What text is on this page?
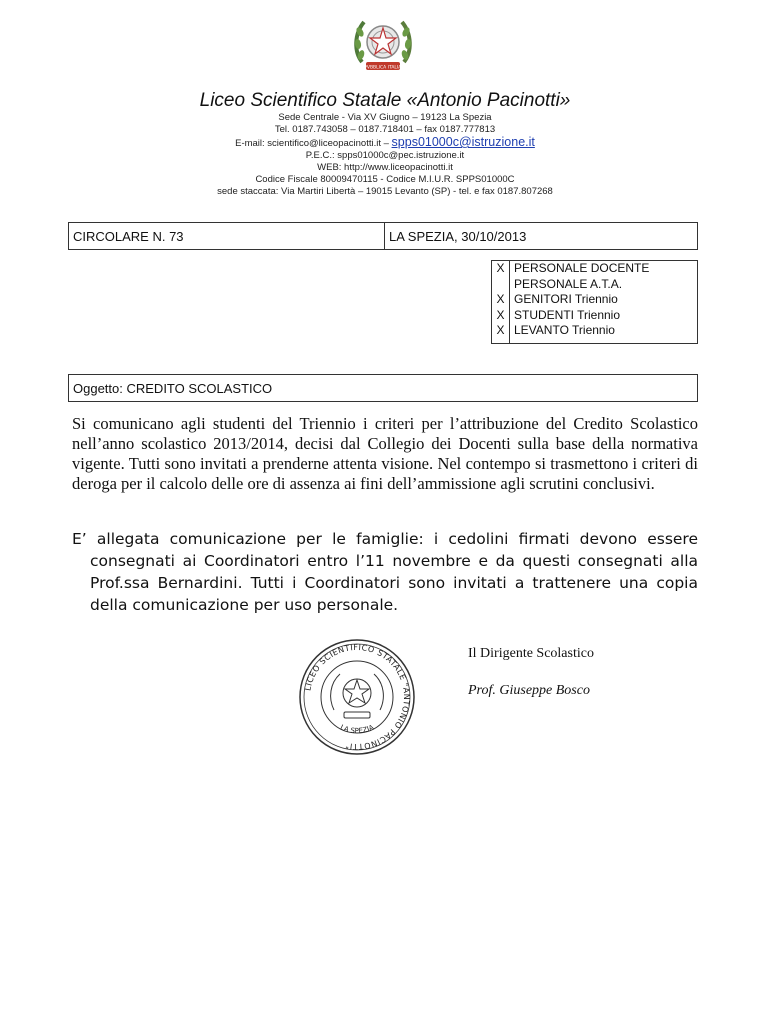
REPVBBLICA ITALIANA
Liceo Scientifico Statale «Antonio Pacinotti»
Sede Centrale - Via XV Giugno – 19123 La Spezia
Tel. 0187.743058 – 0187.718401 – fax 0187.777813
E-mail: scientifico@liceopacinotti.it – spps01000c@istruzione.it
P.E.C.: spps01000c@pec.istruzione.it
WEB: http://www.liceopacinotti.it
Codice Fiscale 80009470115 - Codice M.I.U.R. SPPS01000C
sede staccata: Via Martiri Libertà – 19015 Levanto (SP) - tel. e fax 0187.807268
CIRCOLARE N. 73	LA SPEZIA, 30/10/2013
X PERSONALE DOCENTE
PERSONALE A.T.A.
X GENITORI Triennio
X STUDENTI Triennio
X LEVANTO Triennio
Oggetto: CREDITO SCOLASTICO
Si comunicano agli studenti del Triennio i criteri per l’attribuzione del Credito Scolastico nell’anno scolastico 2013/2014, decisi dal Collegio dei Docenti sulla base della normativa vigente. Tutti sono invitati a prenderne attenta visione. Nel contempo si trasmettono i criteri di deroga per il calcolo delle ore di assenza ai fini dell’ammissione agli scrutini conclusivi.
E’ allegata comunicazione per le famiglie: i cedolini firmati devono essere consegnati ai Coordinatori entro l’11 novembre e da questi consegnati alla Prof.ssa Bernardini. Tutti i Coordinatori sono invitati a trattenere una copia della comunicazione per uso personale.
LICEO SCIENTIFICO STATALE "ANTONIO PACINOTTI"
LA SPEZIA
Il Dirigente Scolastico
Prof. Giuseppe Bosco
